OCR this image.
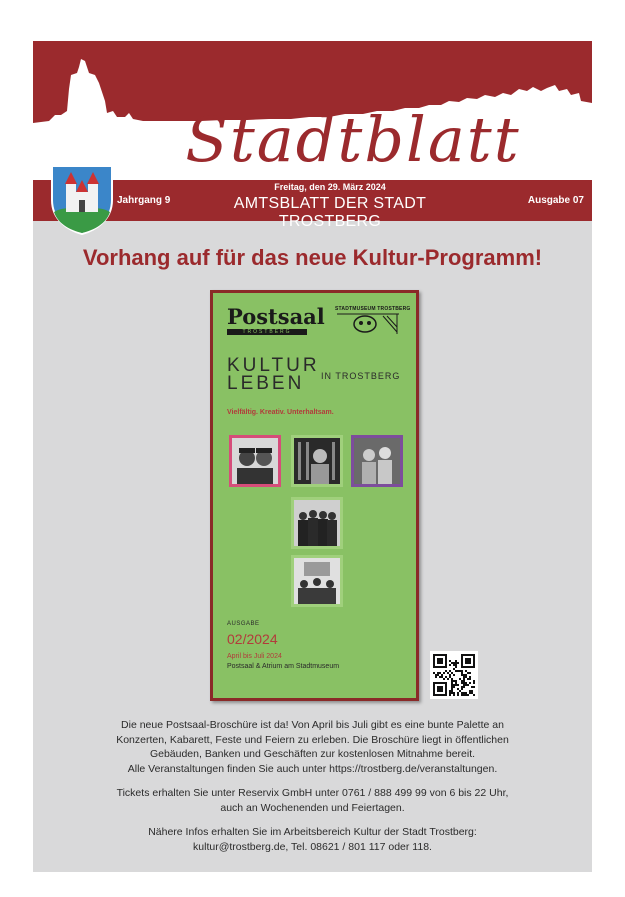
Stadtblatt
Jahrgang 9
Freitag, den 29. März 2024
AMTSBLATT DER STADT TROSTBERG
Ausgabe 07
Vorhang auf für das neue Kultur-Programm!
Postsaal
TROSTBERG
STADTMUSEUM TROSTBERG
KULTUR
LEBEN	IN TROSTBERG
Vielfältig. Kreativ. Unterhaltsam.
AUSGABE
02/2024
April bis Juli 2024
Postsaal & Atrium am Stadtmuseum

Die neue Postsaal-Broschüre ist da! Von April bis Juli gibt es eine bunte Palette an

Konzerten, Kabarett, Feste und Feiern zu erleben. Die Broschüre liegt in öffentlichen

Gebäuden, Banken und Geschäften zur kostenlosen Mitnahme bereit.

Alle Veranstaltungen finden Sie auch unter https://trostberg.de/veranstaltungen.

Tickets erhalten Sie unter Reservix GmbH unter 0761 / 888 499 99 von 6 bis 22 Uhr,

auch an Wochenenden und Feiertagen.

Nähere Infos erhalten Sie im Arbeitsbereich Kultur der Stadt Trostberg:

kultur@trostberg.de, Tel. 08621 / 801 117 oder 118.
